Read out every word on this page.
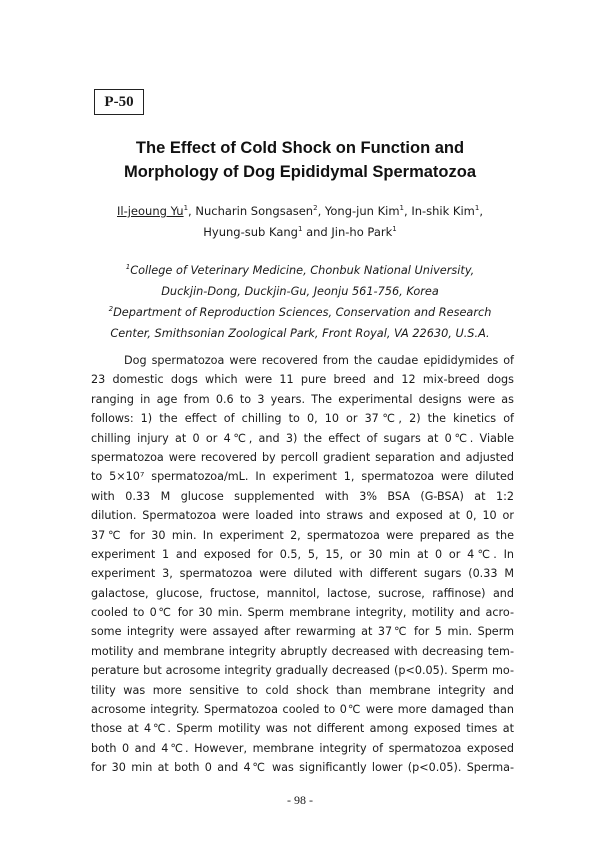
P-50
The Effect of Cold Shock on Function and
Morphology of Dog Epididymal Spermatozoa
Il-jeoung Yu$^1$, Nucharin Songsasen$^2$, Yong-jun Kim$^1$, In-shik Kim$^1$,
Hyung-sub Kang$^1$ and Jin-ho Park$^1$
$^1$College of Veterinary Medicine, Chonbuk National University,
Duckjin-Dong, Duckjin-Gu, Jeonju 561-756, Korea
$^2$Department of Reproduction Sciences, Conservation and Research
Center, Smithsonian Zoological Park, Front Royal, VA 22630, U.S.A.
Dog spermatozoa were recovered from the caudae epididymides of
23 domestic dogs which were 11 pure breed and 12 mix-breed dogs
ranging in age from 0.6 to 3 years. The experimental designs were as
follows: 1) the effect of chilling to 0, 10 or 37℃, 2) the kinetics of
chilling injury at 0 or 4℃, and 3) the effect of sugars at 0℃. Viable
spermatozoa were recovered by percoll gradient separation and adjusted
to 5×10⁷ spermatozoa/mL. In experiment 1, spermatozoa were diluted
with 0.33 M glucose supplemented with 3% BSA (G-BSA) at 1:2
dilution. Spermatozoa were loaded into straws and exposed at 0, 10 or
37℃ for 30 min. In experiment 2, spermatozoa were prepared as the
experiment 1 and exposed for 0.5, 5, 15, or 30 min at 0 or 4℃. In
experiment 3, spermatozoa were diluted with different sugars (0.33 M
galactose, glucose, fructose, mannitol, lactose, sucrose, raffinose) and
cooled to 0℃ for 30 min. Sperm membrane integrity, motility and acro-
some integrity were assayed after rewarming at 37℃ for 5 min. Sperm
motility and membrane integrity abruptly decreased with decreasing tem-
perature but acrosome integrity gradually decreased (p<0.05). Sperm mo-
tility was more sensitive to cold shock than membrane integrity and
acrosome integrity. Spermatozoa cooled to 0℃ were more damaged than
those at 4℃. Sperm motility was not different among exposed times at
both 0 and 4℃. However, membrane integrity of spermatozoa exposed
for 30 min at both 0 and 4℃ was significantly lower (p<0.05). Sperma-
- 98 -
